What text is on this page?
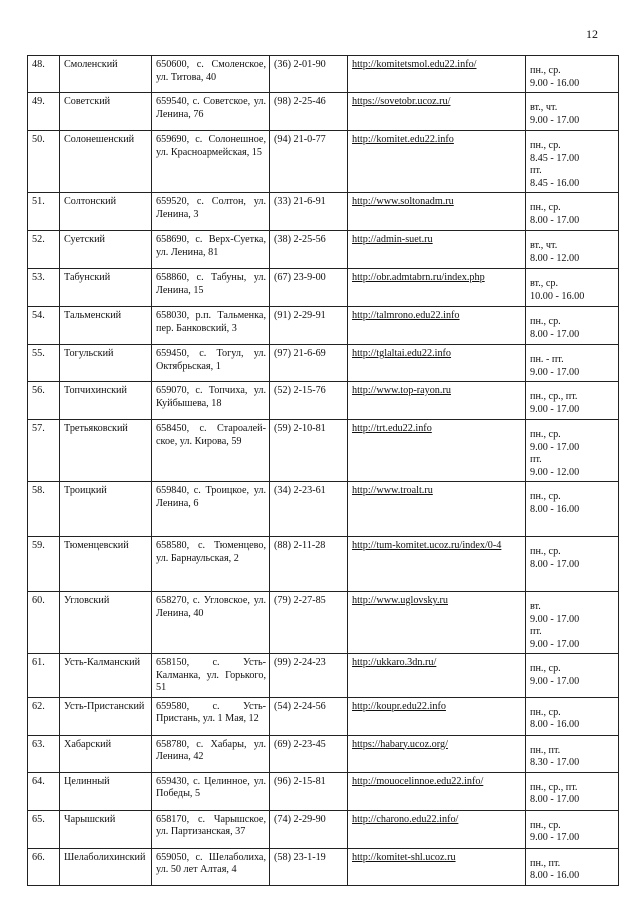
12
48.	Смоленский	650600, с. Смоленское, ул. Титова, 40	(36) 2-01-90	http://komitetsmol.edu22.info/	пн., ср.
9.00 - 16.00

49.	Советский	659540, с. Советское, ул. Ленина, 76	(98) 2-25-46	https://sovetobr.ucoz.ru/	вт., чт.
9.00 - 17.00

50.	Солонешенский	659690, с. Солонешное, ул. Красноармейская, 15	(94) 21-0-77	http://komitet.edu22.info	пн., ср.
8.45 - 17.00
пт.
8.45 - 16.00

51.	Солтонский	659520, с. Солтон, ул. Ленина, 3	(33) 21-6-91	http://www.soltonadm.ru	пн., ср.
8.00 - 17.00

52.	Суетский	658690, с. Верх-Суетка, ул. Ленина, 81	(38) 2-25-56	http://admin-suet.ru	вт., чт.
8.00 - 12.00

53.	Табунский	658860, с. Табуны, ул. Ленина, 15	(67) 23-9-00	http://obr.admtabrn.ru/index.php	вт., ср.
10.00 - 16.00

54.	Тальменский	658030, р.п. Тальменка, пер. Банковский, 3	(91) 2-29-91	http://talmrono.edu22.info	пн., ср.
8.00 - 17.00

55.	Тогульский	659450, с. Тогул, ул. Октябрьская, 1	(97) 21-6-69	http://tglaltai.edu22.info	пн. - пт.
9.00 - 17.00

56.	Топчихинский	659070, с. Топчиха, ул. Куйбышева, 18	(52) 2-15-76	http://www.top-rayon.ru	пн., ср., пт.
9.00 - 17.00

57.	Третьяковский	658450, с. Староалей-ское, ул. Кирова, 59	(59) 2-10-81	http://trt.edu22.info	пн., ср.
9.00 - 17.00
пт.
9.00 - 12.00

58.	Троицкий	659840, с. Троицкое, ул. Ленина, 6	(34) 2-23-61	http://www.troalt.ru	пн., ср.
8.00 - 16.00

59.	Тюменцевский	658580, с. Тюменцево, ул. Барнаульская, 2	(88) 2-11-28	http://tum-komitet.ucoz.ru/index/0-4	пн., ср.
8.00 - 17.00

60.	Угловский	658270, с. Угловское, ул. Ленина, 40	(79) 2-27-85	http://www.uglovsky.ru	вт.
9.00 - 17.00
пт.
9.00 - 17.00

61.	Усть-Калманский	658150, с. Усть-Калманка, ул. Горького, 51	(99) 2-24-23	http://ukkaro.3dn.ru/	пн., ср.
9.00 - 17.00

62.	Усть-Пристанский	659580, с. Усть-Пристань, ул. 1 Мая, 12	(54) 2-24-56	http://koupr.edu22.info	пн., ср.
8.00 - 16.00

63.	Хабарский	658780, с. Хабары, ул. Ленина, 42	(69) 2-23-45	https://habary.ucoz.org/	пн., пт.
8.30 - 17.00

64.	Целинный	659430, с. Целинное, ул. Победы, 5	(96) 2-15-81	http://mouocelinnoe.edu22.info/	пн., ср., пт.
8.00 - 17.00

65.	Чарышский	658170, с. Чарышское, ул. Партизанская, 37	(74) 2-29-90	http://charono.edu22.info/	пн., ср.
9.00 - 17.00

66.	Шелаболихинский	659050, с. Шелаболиха, ул. 50 лет Алтая, 4	(58) 23-1-19	http://komitet-shl.ucoz.ru	пн., пт.
8.00 - 16.00
